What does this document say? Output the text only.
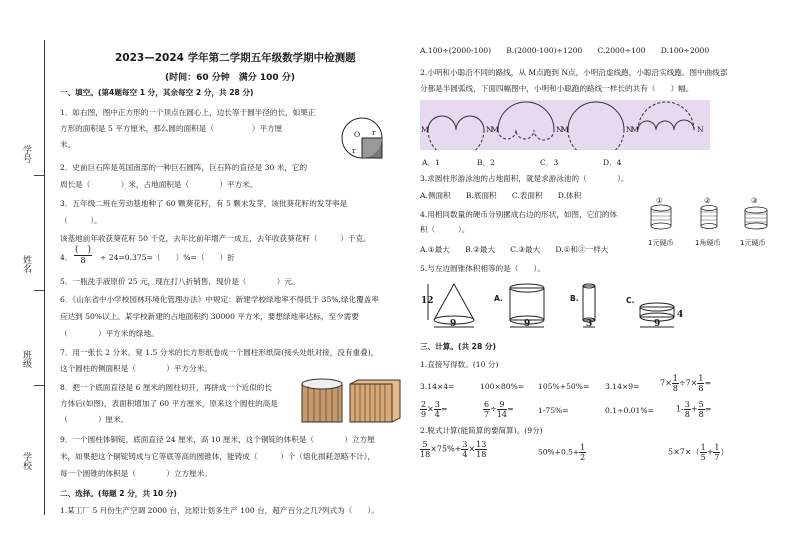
学号
姓名
班级
学校
2023—2024 学年第二学期五年级数学期中检测题
(时间：60 分钟　满分 100 分)
一、填空。(第4题每空 1 分，其余每空 2 分，共 28 分)
1．如右图，图中正方形的一个顶点在圆心上，边长等于圆半径的长，如果正
方形的面积是 5 平方厘米，那么圆的面积是（　　　　　）平方厘
米。
O r
r
2．史前巨石阵是英国南部的一种巨石圆阵，巨石阵的直径是 30 米，它的
周长是（　　　　）米，占地面积是（　　　　）平方米。
3．五年级二班在劳动基地种了 60 颗葵花籽，有 5 颗未发芽，该批葵花籽的发芽率是
（　　　）。
该基地前年收获葵花籽 50 千克，去年比前年增产一成五，去年收获葵花籽（　　　）千克。
4． $\frac{( )}{8} \div 24=0.375=$（　　）%=（　　）折
5．一瓶洗手液原价 25 元，现在打八折销售，现价是（　　　　）元。
6．《山东省中小学校园林环境化管理办法》中规定：新建学校绿地率不得低于 35%,绿化覆盖率
应达到 50%以上。某学校新建的占地面积约 30000 平方米，要想绿地率达标，至少需要
（　　　　）平方米的绿地。
7．用一张长 2 分米、宽 1.5 分米的长方形纸卷成一个圆柱形纸筒(接头处纸对接，没有重叠)，
这个圆柱的侧面积是（　　　　）平方分米。
8．把一个底面直径是 6 厘米的圆柱切开，再拼成一个近似的长
方体后(如图)，表面积增加了 60 平方厘米，原来这个圆柱的高是
（　　　　）厘米。
9．一个圆柱体铜锭，底面直径 24 厘米，高 10 厘米，这个铜锭的体积是（　　　　）立方厘
米，如果把这个铜锭铸成与它等底等高的圆锥体，能铸成（　　　）个（熔化损耗忽略不计），
每一个圆锥的体积是（　　　　）立方厘米。
二、选择。(每题 2 分，共 10 分)
1.某工厂 5 月份生产空调 2000 台，比原计划多生产 100 台，超产百分之几?列式为（　　）。
A.100÷(2000-100)　　B.(2000-100)÷1200　　C.2000÷100　　D.100÷2000
2.小明和小聪沿不同的路线，从 M点跑到 N点，小明沿虚线跑，小聪沿实线跑。图中曲线部
分都是半圆弧线，下面四幅图中，小明和小聪跑的路线一样长的共有（　　）幅。
M	N
M	N
M	N
M	N
A．1	B．2	C．3	D．4
3.求圆柱形游泳池的占地面积，就是求游泳池的（　　　　）。
A.侧面积　　B.底面积　　C.表面积　　D.体积
4.用相同数量的硬币分别摞成右边的形状，如图，它们的体
积（　　　）。
A.①最大　　B.②最大　　C.③最大　　D.①和③一样大
①	②	③
1元硬币	1角硬币	1元硬币
5.与左边圆锥体积相等的是（　　）。
12
9
A.
9
B.
3
C.
9
4
三、计算。(共 28 分)
1.直接写得数。(10 分)
3.14×4=	100×80%= 105%+50%= 3.14×9=	$7\times \frac{1}{8} \div 7\times \frac{1}{8}$ =
$\frac{2}{9} \times \frac{3}{4}$ =	$\frac{6}{7} \div \frac{9}{14}$ =	1-75%=	0.1÷0.01%=	$1- \frac{3}{8} + \frac{5}{8}$ =
2.脱式计算(能简算的要简算)。(9分)
$\frac{5}{18} \times 75\%+ \frac{3}{4} \times \frac{13}{18}$	$50\%+0.5+ \frac{1}{2}$	$5\times 7\times( \frac{1}{5} + \frac{1}{7}$ ）
